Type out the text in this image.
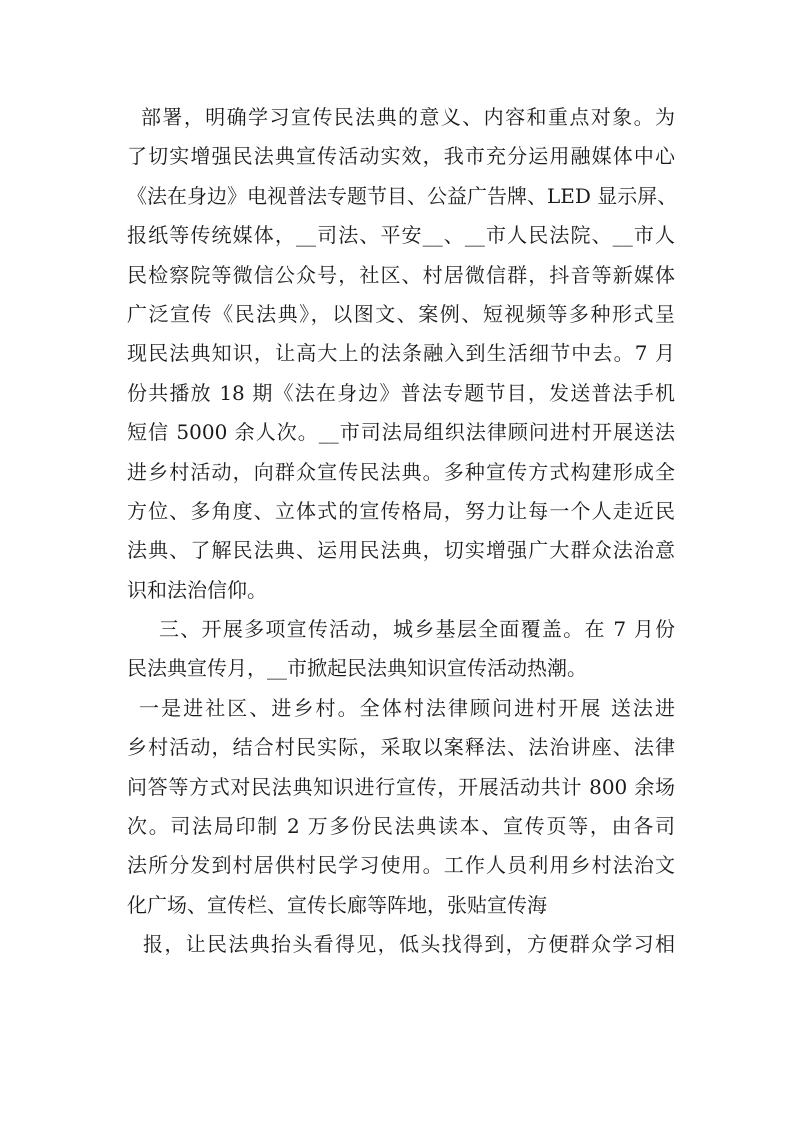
部署，明确学习宣传民法典的意义、内容和重点对象。为
了切实增强民法典宣传活动实效，我市充分运用融媒体中心
《法在身边》电视普法专题节目、公益广告牌、LED 显示屏、
报纸等传统媒体，__司法、平安__、__市人民法院、__市人
民检察院等微信公众号，社区、村居微信群，抖音等新媒体
广泛宣传《民法典》，以图文、案例、短视频等多种形式呈
现民法典知识，让高大上的法条融入到生活细节中去。7 月
份共播放 18 期《法在身边》普法专题节目，发送普法手机
短信 5000 余人次。__市司法局组织法律顾问进村开展送法
进乡村活动，向群众宣传民法典。多种宣传方式构建形成全
方位、多角度、立体式的宣传格局，努力让每一个人走近民
法典、了解民法典、运用民法典，切实增强广大群众法治意
识和法治信仰。
三、开展多项宣传活动，城乡基层全面覆盖。在 7 月份
民法典宣传月，__市掀起民法典知识宣传活动热潮。
一是进社区、进乡村。全体村法律顾问进村开展 送法进
乡村活动，结合村民实际，采取以案释法、法治讲座、法律
问答等方式对民法典知识进行宣传，开展活动共计 800 余场
次。司法局印制 2 万多份民法典读本、宣传页等，由各司
法所分发到村居供村民学习使用。工作人员利用乡村法治文
化广场、宣传栏、宣传长廊等阵地，张贴宣传海
报，让民法典抬头看得见，低头找得到，方便群众学习相
